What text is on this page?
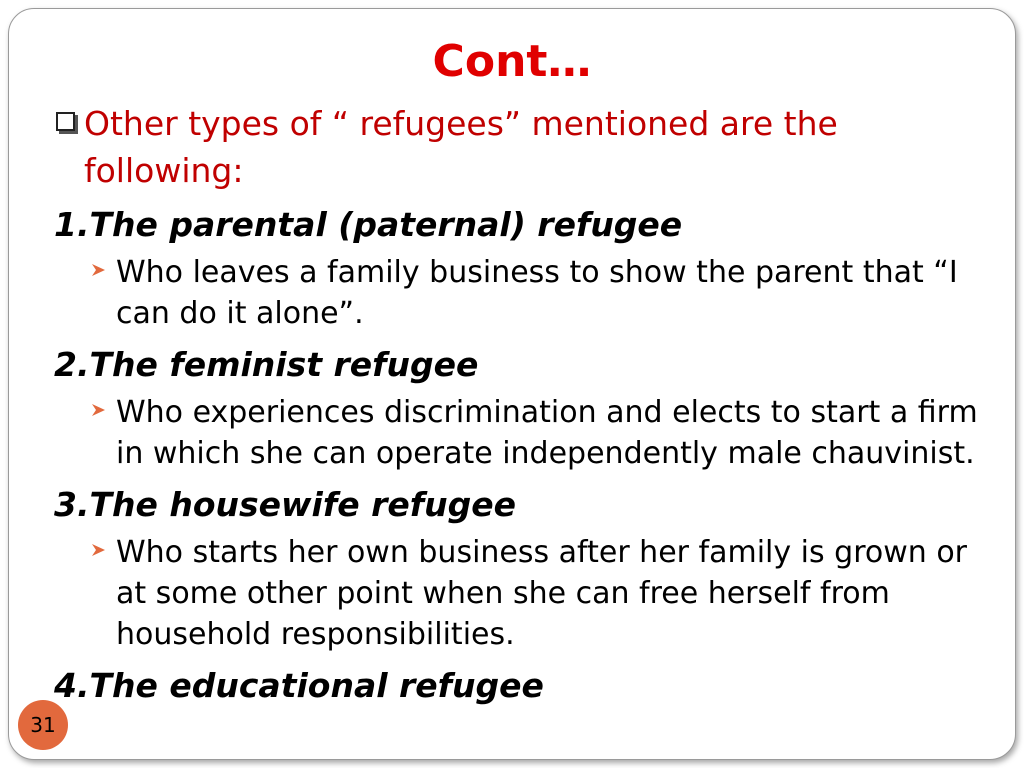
Cont…
Other types of “ refugees” mentioned are the following:
1.The parental (paternal) refugee
Who leaves a family business to show the parent that “I can do it alone”.
2.The feminist refugee
Who experiences discrimination and elects to start a firm in which she can operate independently male chauvinist.
3.The housewife refugee
Who starts her own business after her family is grown or at some other point when she can free herself from household responsibilities.
4.The educational refugee
31
